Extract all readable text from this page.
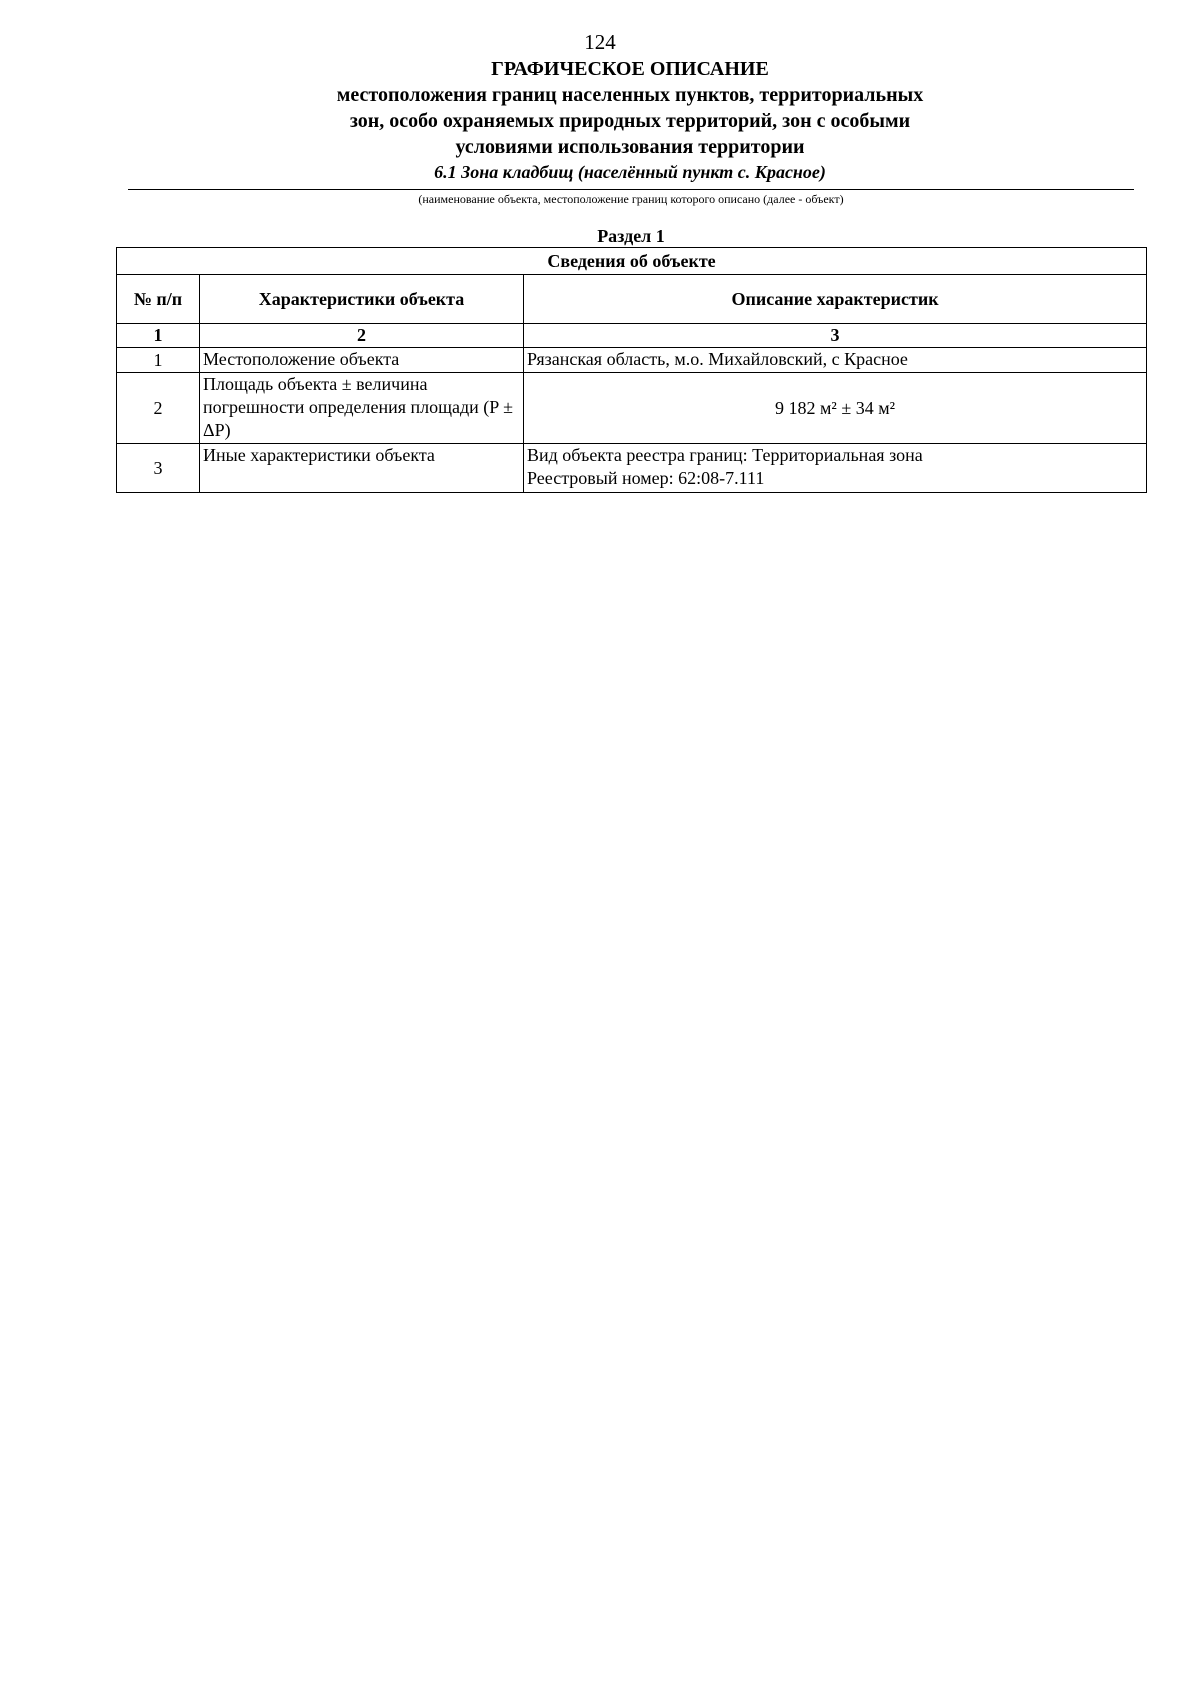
124

ГРАФИЧЕСКОЕ ОПИСАНИЕ

местоположения границ населенных пунктов, территориальных

зон, особо охраняемых природных территорий, зон с особыми

условиями использования территории

6.1 Зона кладбищ (населённый пункт с. Красное)

(наименование объекта, местоположение границ которого описано (далее - объект)
Раздел 1
Сведения об объекте		
№ п/п	Характеристики объекта	Описание характеристик
1	2	3
1	Местоположение объекта	Рязанская область, м.о. Михайловский, с Красное
2	Площадь объекта ± величина погрешности определения площади (P ± ΔP)	9 182 м² ± 34 м²
3	Иные характеристики объекта	Вид объекта реестра границ: Территориальная зона
Реестровый номер: 62:08-7.111
